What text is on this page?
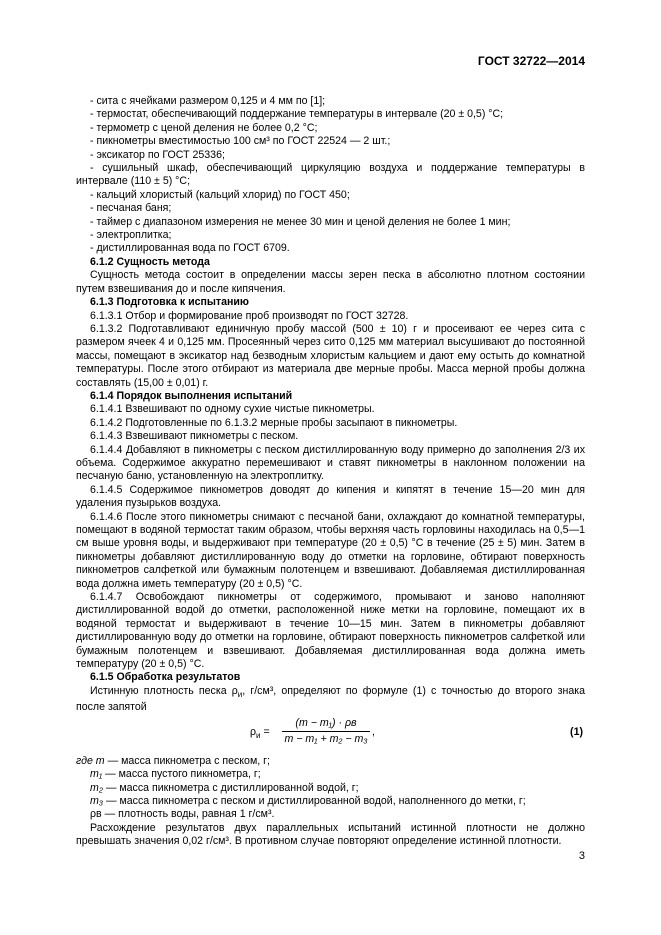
ГОСТ 32722—2014

- сита с ячейками размером 0,125 и 4 мм по [1];

- термостат, обеспечивающий поддержание температуры в интервале (20 ± 0,5) °С;

- термометр с ценой деления не более 0,2 °С;

- пикнометры вместимостью 100 см³ по ГОСТ 22524 — 2 шт.;

- эксикатор по ГОСТ 25336;

- сушильный шкаф, обеспечивающий циркуляцию воздуха и поддержание температуры в интервале (110 ± 5) °С;

- кальций хлористый (кальций хлорид) по ГОСТ 450;

- песчаная баня;

- таймер с диапазоном измерения не менее 30 мин и ценой деления не более 1 мин;

- электроплитка;

- дистиллированная вода по ГОСТ 6709.

6.1.2 Сущность метода

Сущность метода состоит в определении массы зерен песка в абсолютно плотном состоянии путем взвешивания до и после кипячения.

6.1.3 Подготовка к испытанию

6.1.3.1 Отбор и формирование проб производят по ГОСТ 32728.

6.1.3.2 Подготавливают единичную пробу массой (500 ± 10) г и просеивают ее через сита с размером ячеек 4 и 0,125 мм. Просеянный через сито 0,125 мм материал высушивают до постоянной массы, помещают в эксикатор над безводным хлористым кальцием и дают ему остыть до комнатной температуры. После этого отбирают из материала две мерные пробы. Масса мерной пробы должна составлять (15,00 ± 0,01) г.

6.1.4 Порядок выполнения испытаний

6.1.4.1 Взвешивают по одному сухие чистые пикнометры.

6.1.4.2 Подготовленные по 6.1.3.2 мерные пробы засыпают в пикнометры.

6.1.4.3 Взвешивают пикнометры с песком.

6.1.4.4 Добавляют в пикнометры с песком дистиллированную воду примерно до заполнения 2/3 их объема. Содержимое аккуратно перемешивают и ставят пикнометры в наклонном положении на песчаную баню, установленную на электроплитку.

6.1.4.5 Содержимое пикнометров доводят до кипения и кипятят в течение 15—20 мин для удаления пузырьков воздуха.

6.1.4.6 После этого пикнометры снимают с песчаной бани, охлаждают до комнатной температуры, помещают в водяной термостат таким образом, чтобы верхняя часть горловины находилась на 0,5—1 см выше уровня воды, и выдерживают при температуре (20 ± 0,5) °С в течение (25 ± 5) мин. Затем в пикнометры добавляют дистиллированную воду до отметки на горловине, обтирают поверхность пикнометров салфеткой или бумажным полотенцем и взвешивают. Добавляемая дистиллированная вода должна иметь температуру (20 ± 0,5) °С.

6.1.4.7 Освобождают пикнометры от содержимого, промывают и заново наполняют дистиллированной водой до отметки, расположенной ниже метки на горловине, помещают их в водяной термостат и выдерживают в течение 10—15 мин. Затем в пикнометры добавляют дистиллированную воду до отметки на горловине, обтирают поверхность пикнометров салфеткой или бумажным полотенцем и взвешивают. Добавляемая дистиллированная вода должна иметь температуру (20 ± 0,5) °С.

6.1.5 Обработка результатов

Истинную плотность песка $\rho_и$, г/см³, определяют по формуле (1) с точностью до второго знака после запятой

$\rho_и$ =
(m − m₁) · ρв
m − m₁ + m₂ − m₃
,	(1)

где m — масса пикнометра с песком, г;

m₁ — масса пустого пикнометра, г;

m₂ — масса пикнометра с дистиллированной водой, г;

m₃ — масса пикнометра с песком и дистиллированной водой, наполненного до метки, г;

ρв — плотность воды, равная 1 г/см³.

Расхождение результатов двух параллельных испытаний истинной плотности не должно превышать значения 0,02 г/см³. В противном случае повторяют определение истинной плотности.

3
